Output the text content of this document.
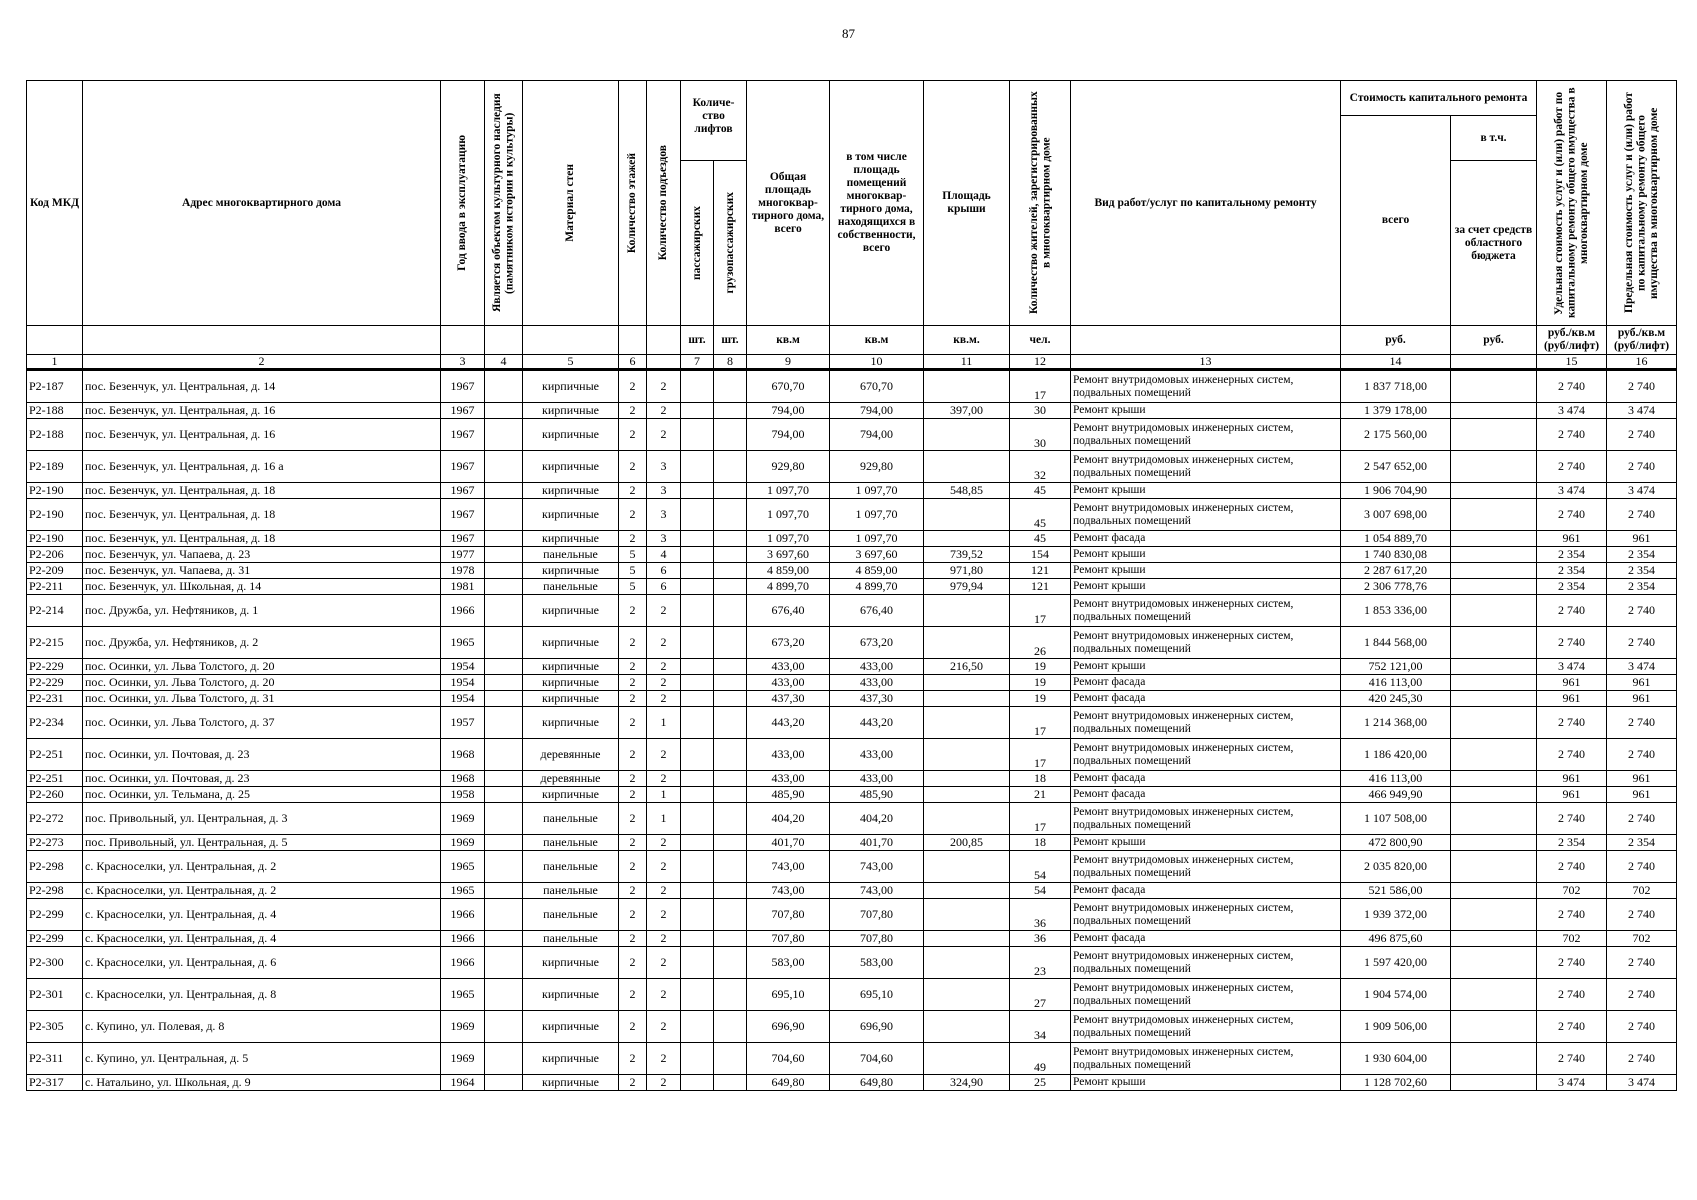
87
Код МКД	Адрес многоквартирного дома	Год ввода в эксплуатацию	Является объектом культурного наследия (памятником истории и культуры)	Материал стен	Количество этажей	Количество подъездов	Количе-ство лифтов		Общая площадь многоквар-тирного дома, всего	в том числе площадь помещений многоквар-тирного дома, находящихся в собственности, всего	Площадь крыши	Количество жителей, зарегистрированных в многоквартирном доме	Вид работ/услуг по капитальному ремонту	Стоимость капитального ремонта		Удельная стоимость услуг и (или) работ по капитальному ремонту общего имущества в многоквартирном доме	Предельная стоимость услуг и (или) работ по капитальному ремонту общего имущества в многоквартирном доме

														всего	в т.ч.		

							пассажирских	грузопассажирских							за счет средств областного бюджета		
							шт.	шт.	кв.м	кв.м	кв.м.	чел.		руб.	руб.	руб./кв.м (руб/лифт)	руб./кв.м (руб/лифт)
1	2	3	4	5	6		7	8	9	10	11	12	13	14		15	16
Р2-187	пос. Безенчук, ул. Центральная, д. 14	1967		кирпичные	2	2			670,70	670,70		17	Ремонт внутридомовых инженерных систем, подвальных помещений	1 837 718,00		2 740	2 740
Р2-188	пос. Безенчук, ул. Центральная, д. 16	1967		кирпичные	2	2			794,00	794,00	397,00	30	Ремонт крыши	1 379 178,00		3 474	3 474
Р2-188	пос. Безенчук, ул. Центральная, д. 16	1967		кирпичные	2	2			794,00	794,00		30	Ремонт внутридомовых инженерных систем, подвальных помещений	2 175 560,00		2 740	2 740
Р2-189	пос. Безенчук, ул. Центральная, д. 16 а	1967		кирпичные	2	3			929,80	929,80		32	Ремонт внутридомовых инженерных систем, подвальных помещений	2 547 652,00		2 740	2 740
Р2-190	пос. Безенчук, ул. Центральная, д. 18	1967		кирпичные	2	3			1 097,70	1 097,70	548,85	45	Ремонт крыши	1 906 704,90		3 474	3 474
Р2-190	пос. Безенчук, ул. Центральная, д. 18	1967		кирпичные	2	3			1 097,70	1 097,70		45	Ремонт внутридомовых инженерных систем, подвальных помещений	3 007 698,00		2 740	2 740
Р2-190	пос. Безенчук, ул. Центральная, д. 18	1967		кирпичные	2	3			1 097,70	1 097,70		45	Ремонт фасада	1 054 889,70		961	961
Р2-206	пос. Безенчук, ул. Чапаева, д. 23	1977		панельные	5	4			3 697,60	3 697,60	739,52	154	Ремонт крыши	1 740 830,08		2 354	2 354
Р2-209	пос. Безенчук, ул. Чапаева, д. 31	1978		кирпичные	5	6			4 859,00	4 859,00	971,80	121	Ремонт крыши	2 287 617,20		2 354	2 354
Р2-211	пос. Безенчук, ул. Школьная, д. 14	1981		панельные	5	6			4 899,70	4 899,70	979,94	121	Ремонт крыши	2 306 778,76		2 354	2 354
Р2-214	пос. Дружба, ул. Нефтяников, д. 1	1966		кирпичные	2	2			676,40	676,40		17	Ремонт внутридомовых инженерных систем, подвальных помещений	1 853 336,00		2 740	2 740
Р2-215	пос. Дружба, ул. Нефтяников, д. 2	1965		кирпичные	2	2			673,20	673,20		26	Ремонт внутридомовых инженерных систем, подвальных помещений	1 844 568,00		2 740	2 740
Р2-229	пос. Осинки, ул. Льва Толстого, д. 20	1954		кирпичные	2	2			433,00	433,00	216,50	19	Ремонт крыши	752 121,00		3 474	3 474
Р2-229	пос. Осинки, ул. Льва Толстого, д. 20	1954		кирпичные	2	2			433,00	433,00		19	Ремонт фасада	416 113,00		961	961
Р2-231	пос. Осинки, ул. Льва Толстого, д. 31	1954		кирпичные	2	2			437,30	437,30		19	Ремонт фасада	420 245,30		961	961
Р2-234	пос. Осинки, ул. Льва Толстого, д. 37	1957		кирпичные	2	1			443,20	443,20		17	Ремонт внутридомовых инженерных систем, подвальных помещений	1 214 368,00		2 740	2 740
Р2-251	пос. Осинки, ул. Почтовая, д. 23	1968		деревянные	2	2			433,00	433,00		17	Ремонт внутридомовых инженерных систем, подвальных помещений	1 186 420,00		2 740	2 740
Р2-251	пос. Осинки, ул. Почтовая, д. 23	1968		деревянные	2	2			433,00	433,00		18	Ремонт фасада	416 113,00		961	961
Р2-260	пос. Осинки, ул. Тельмана, д. 25	1958		кирпичные	2	1			485,90	485,90		21	Ремонт фасада	466 949,90		961	961
Р2-272	пос. Привольный, ул. Центральная, д. 3	1969		панельные	2	1			404,20	404,20		17	Ремонт внутридомовых инженерных систем, подвальных помещений	1 107 508,00		2 740	2 740
Р2-273	пос. Привольный, ул. Центральная, д. 5	1969		панельные	2	2			401,70	401,70	200,85	18	Ремонт крыши	472 800,90		2 354	2 354
Р2-298	с. Красноселки, ул. Центральная, д. 2	1965		панельные	2	2			743,00	743,00		54	Ремонт внутридомовых инженерных систем, подвальных помещений	2 035 820,00		2 740	2 740
Р2-298	с. Красноселки, ул. Центральная, д. 2	1965		панельные	2	2			743,00	743,00		54	Ремонт фасада	521 586,00		702	702
Р2-299	с. Красноселки, ул. Центральная, д. 4	1966		панельные	2	2			707,80	707,80		36	Ремонт внутридомовых инженерных систем, подвальных помещений	1 939 372,00		2 740	2 740
Р2-299	с. Красноселки, ул. Центральная, д. 4	1966		панельные	2	2			707,80	707,80		36	Ремонт фасада	496 875,60		702	702
Р2-300	с. Красноселки, ул. Центральная, д. 6	1966		кирпичные	2	2			583,00	583,00		23	Ремонт внутридомовых инженерных систем, подвальных помещений	1 597 420,00		2 740	2 740
Р2-301	с. Красноселки, ул. Центральная, д. 8	1965		кирпичные	2	2			695,10	695,10		27	Ремонт внутридомовых инженерных систем, подвальных помещений	1 904 574,00		2 740	2 740
Р2-305	с. Купино, ул. Полевая, д. 8	1969		кирпичные	2	2			696,90	696,90		34	Ремонт внутридомовых инженерных систем, подвальных помещений	1 909 506,00		2 740	2 740
Р2-311	с. Купино, ул. Центральная, д. 5	1969		кирпичные	2	2			704,60	704,60		49	Ремонт внутридомовых инженерных систем, подвальных помещений	1 930 604,00		2 740	2 740
Р2-317	с. Натальино, ул. Школьная, д. 9	1964		кирпичные	2	2			649,80	649,80	324,90	25	Ремонт крыши	1 128 702,60		3 474	3 474
